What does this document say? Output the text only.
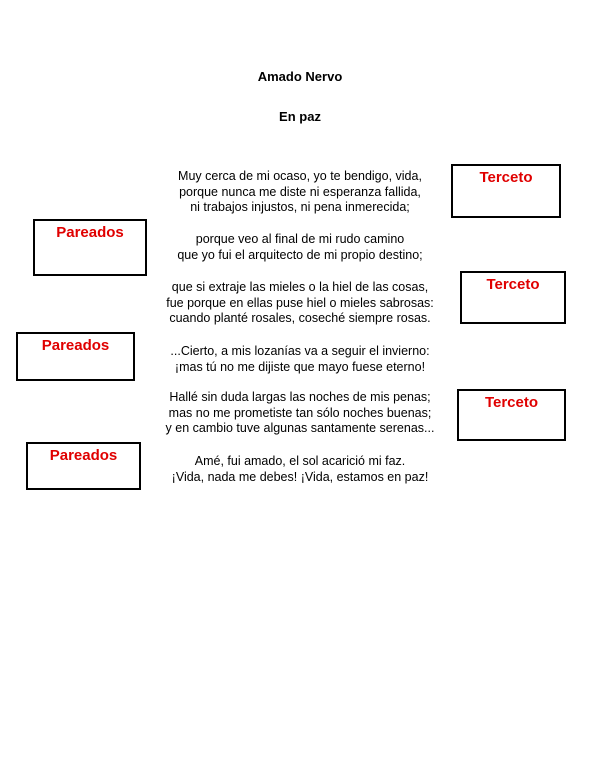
Amado Nervo
En paz
Muy cerca de mi ocaso, yo te bendigo, vida,
porque nunca me diste ni esperanza fallida,
ni trabajos injustos, ni pena inmerecida;
porque veo al final de mi rudo camino
que yo fui el arquitecto de mi propio destino;
que si extraje las mieles o la hiel de las cosas,
fue porque en ellas puse hiel o mieles sabrosas:
cuando planté rosales, coseché siempre rosas.
...Cierto, a mis lozanías va a seguir el invierno:
¡mas tú no me dijiste que mayo fuese eterno!
Hallé sin duda largas las noches de mis penas;
mas no me prometiste tan sólo noches buenas;
y en cambio tuve algunas santamente serenas...
Amé, fui amado, el sol acarició mi faz.
¡Vida, nada me debes! ¡Vida, estamos en paz!
Terceto
Pareados
Terceto
Pareados
Terceto
Pareados
